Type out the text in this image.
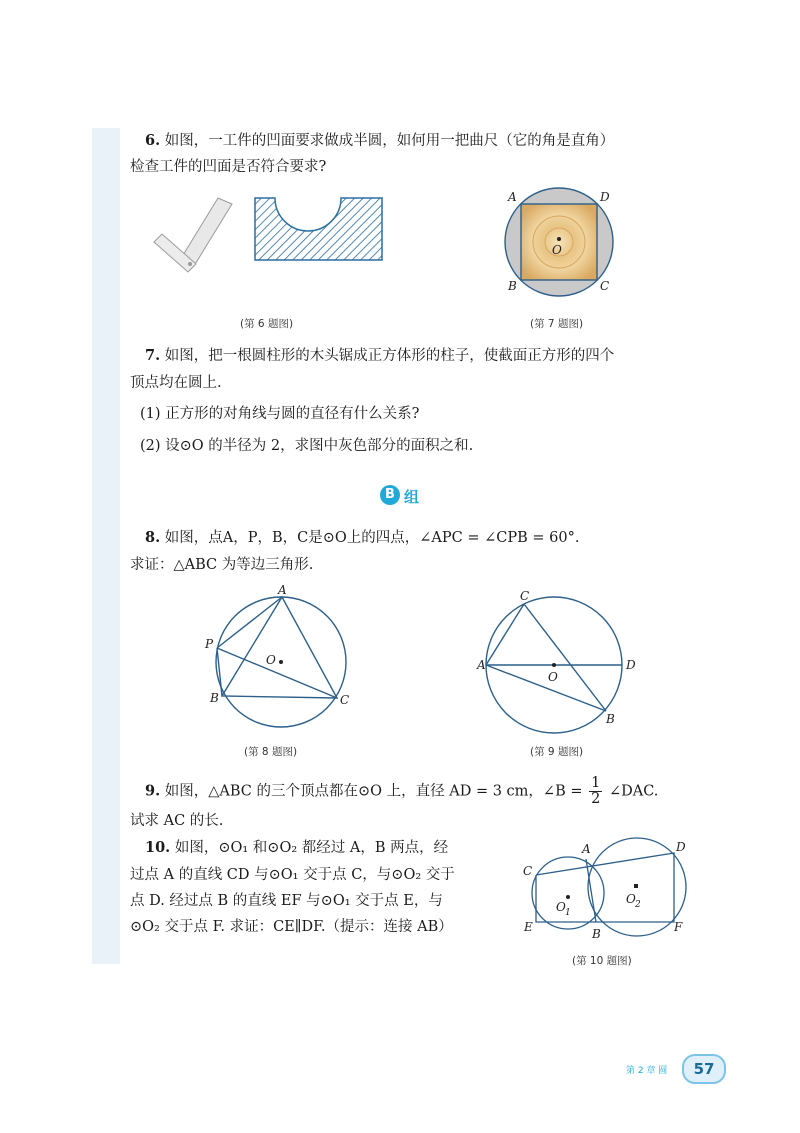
6. 如图，一工件的凹面要求做成半圆，如何用一把曲尺（它的角是直角）
检查工件的凹面是否符合要求?
(第 6 题图)
A	D
B	C
O
(第 7 题图)
7. 如图，把一根圆柱形的木头锯成正方体形的柱子，使截面正方形的四个
顶点均在圆上.
(1) 正方形的对角线与圆的直径有什么关系?
(2) 设⊙O 的半径为 2，求图中灰色部分的面积之和.
B 组
8. 如图，点A，P，B，C是⊙O上的四点，∠APC = ∠CPB = 60°.
求证：△ABC 为等边三角形.
A
P
B	C
O
(第 8 题图)
C
A	D
B
O
(第 9 题图)
9. 如图，△ABC 的三个顶点都在⊙O 上，直径 AD = 3 cm，∠B = $\frac{1}{2}$ ∠DAC.
试求 AC 的长.
10. 如图，⊙O₁ 和⊙O₂ 都经过 A，B 两点，经
过点 A 的直线 CD 与⊙O₁ 交于点 C，与⊙O₂ 交于
点 D. 经过点 B 的直线 EF 与⊙O₁ 交于点 E，与
⊙O₂ 交于点 F. 求证：CE∥DF.（提示：连接 AB）
A	D
C
E	B	F
O 1
O 2
(第 10 题图)
第 2 章 圆	57
